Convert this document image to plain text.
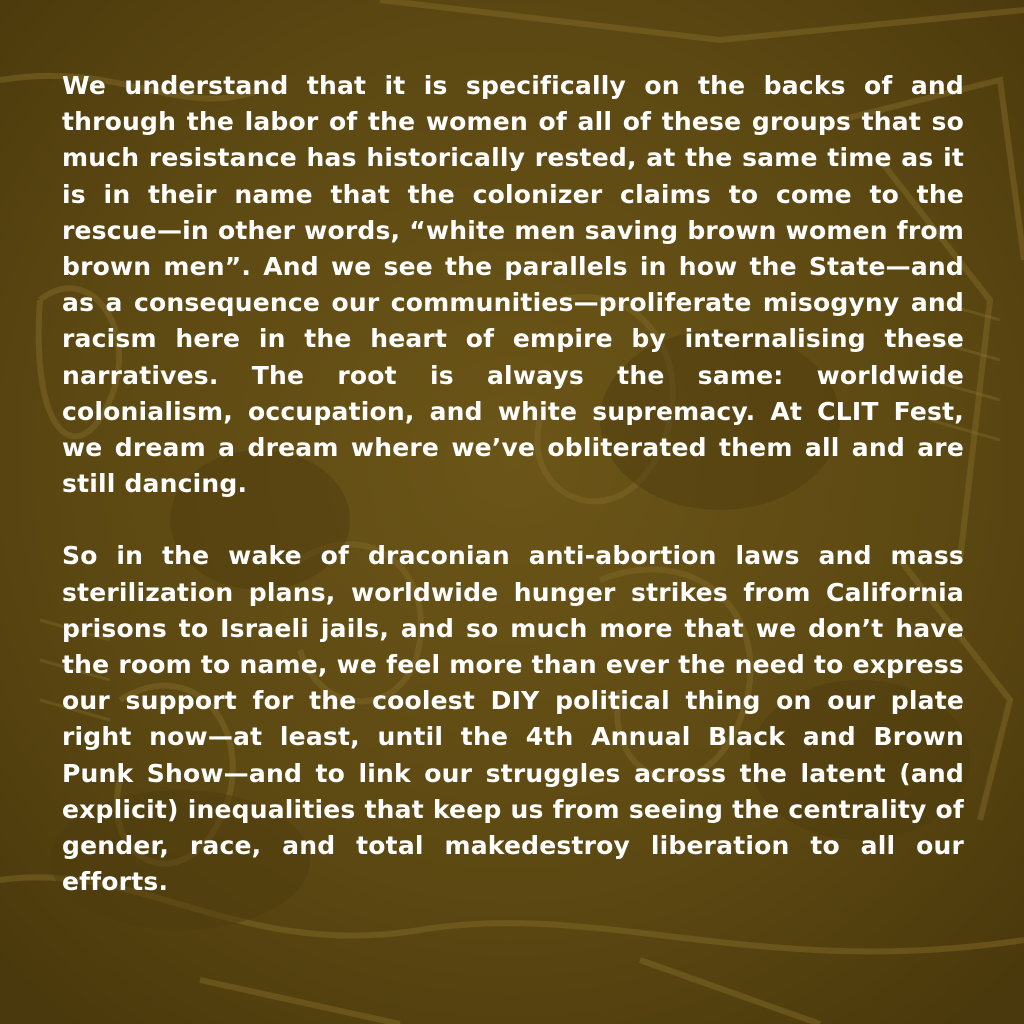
We understand that it is specifically on the backs of and through the labor of the women of all of these groups that so much resistance has historically rested, at the same time as it is in their name that the colonizer claims to come to the rescue—in other words, “white men saving brown women from brown men”. And we see the parallels in how the State—and as a consequence our communities—proliferate misogyny and racism here in the heart of empire by internalising these narratives. The root is always the same: worldwide colonialism, occupation, and white supremacy. At CLIT Fest, we dream a dream where we’ve obliterated them all and are still dancing.

So in the wake of draconian anti-abortion laws and mass sterilization plans, worldwide hunger strikes from California prisons to Israeli jails, and so much more that we don’t have the room to name, we feel more than ever the need to express our support for the coolest DIY political thing on our plate right now—at least, until the 4th Annual Black and Brown Punk Show—and to link our struggles across the latent (and explicit) inequalities that keep us from seeing the centrality of gender, race, and total makedestroy liberation to all our efforts.
